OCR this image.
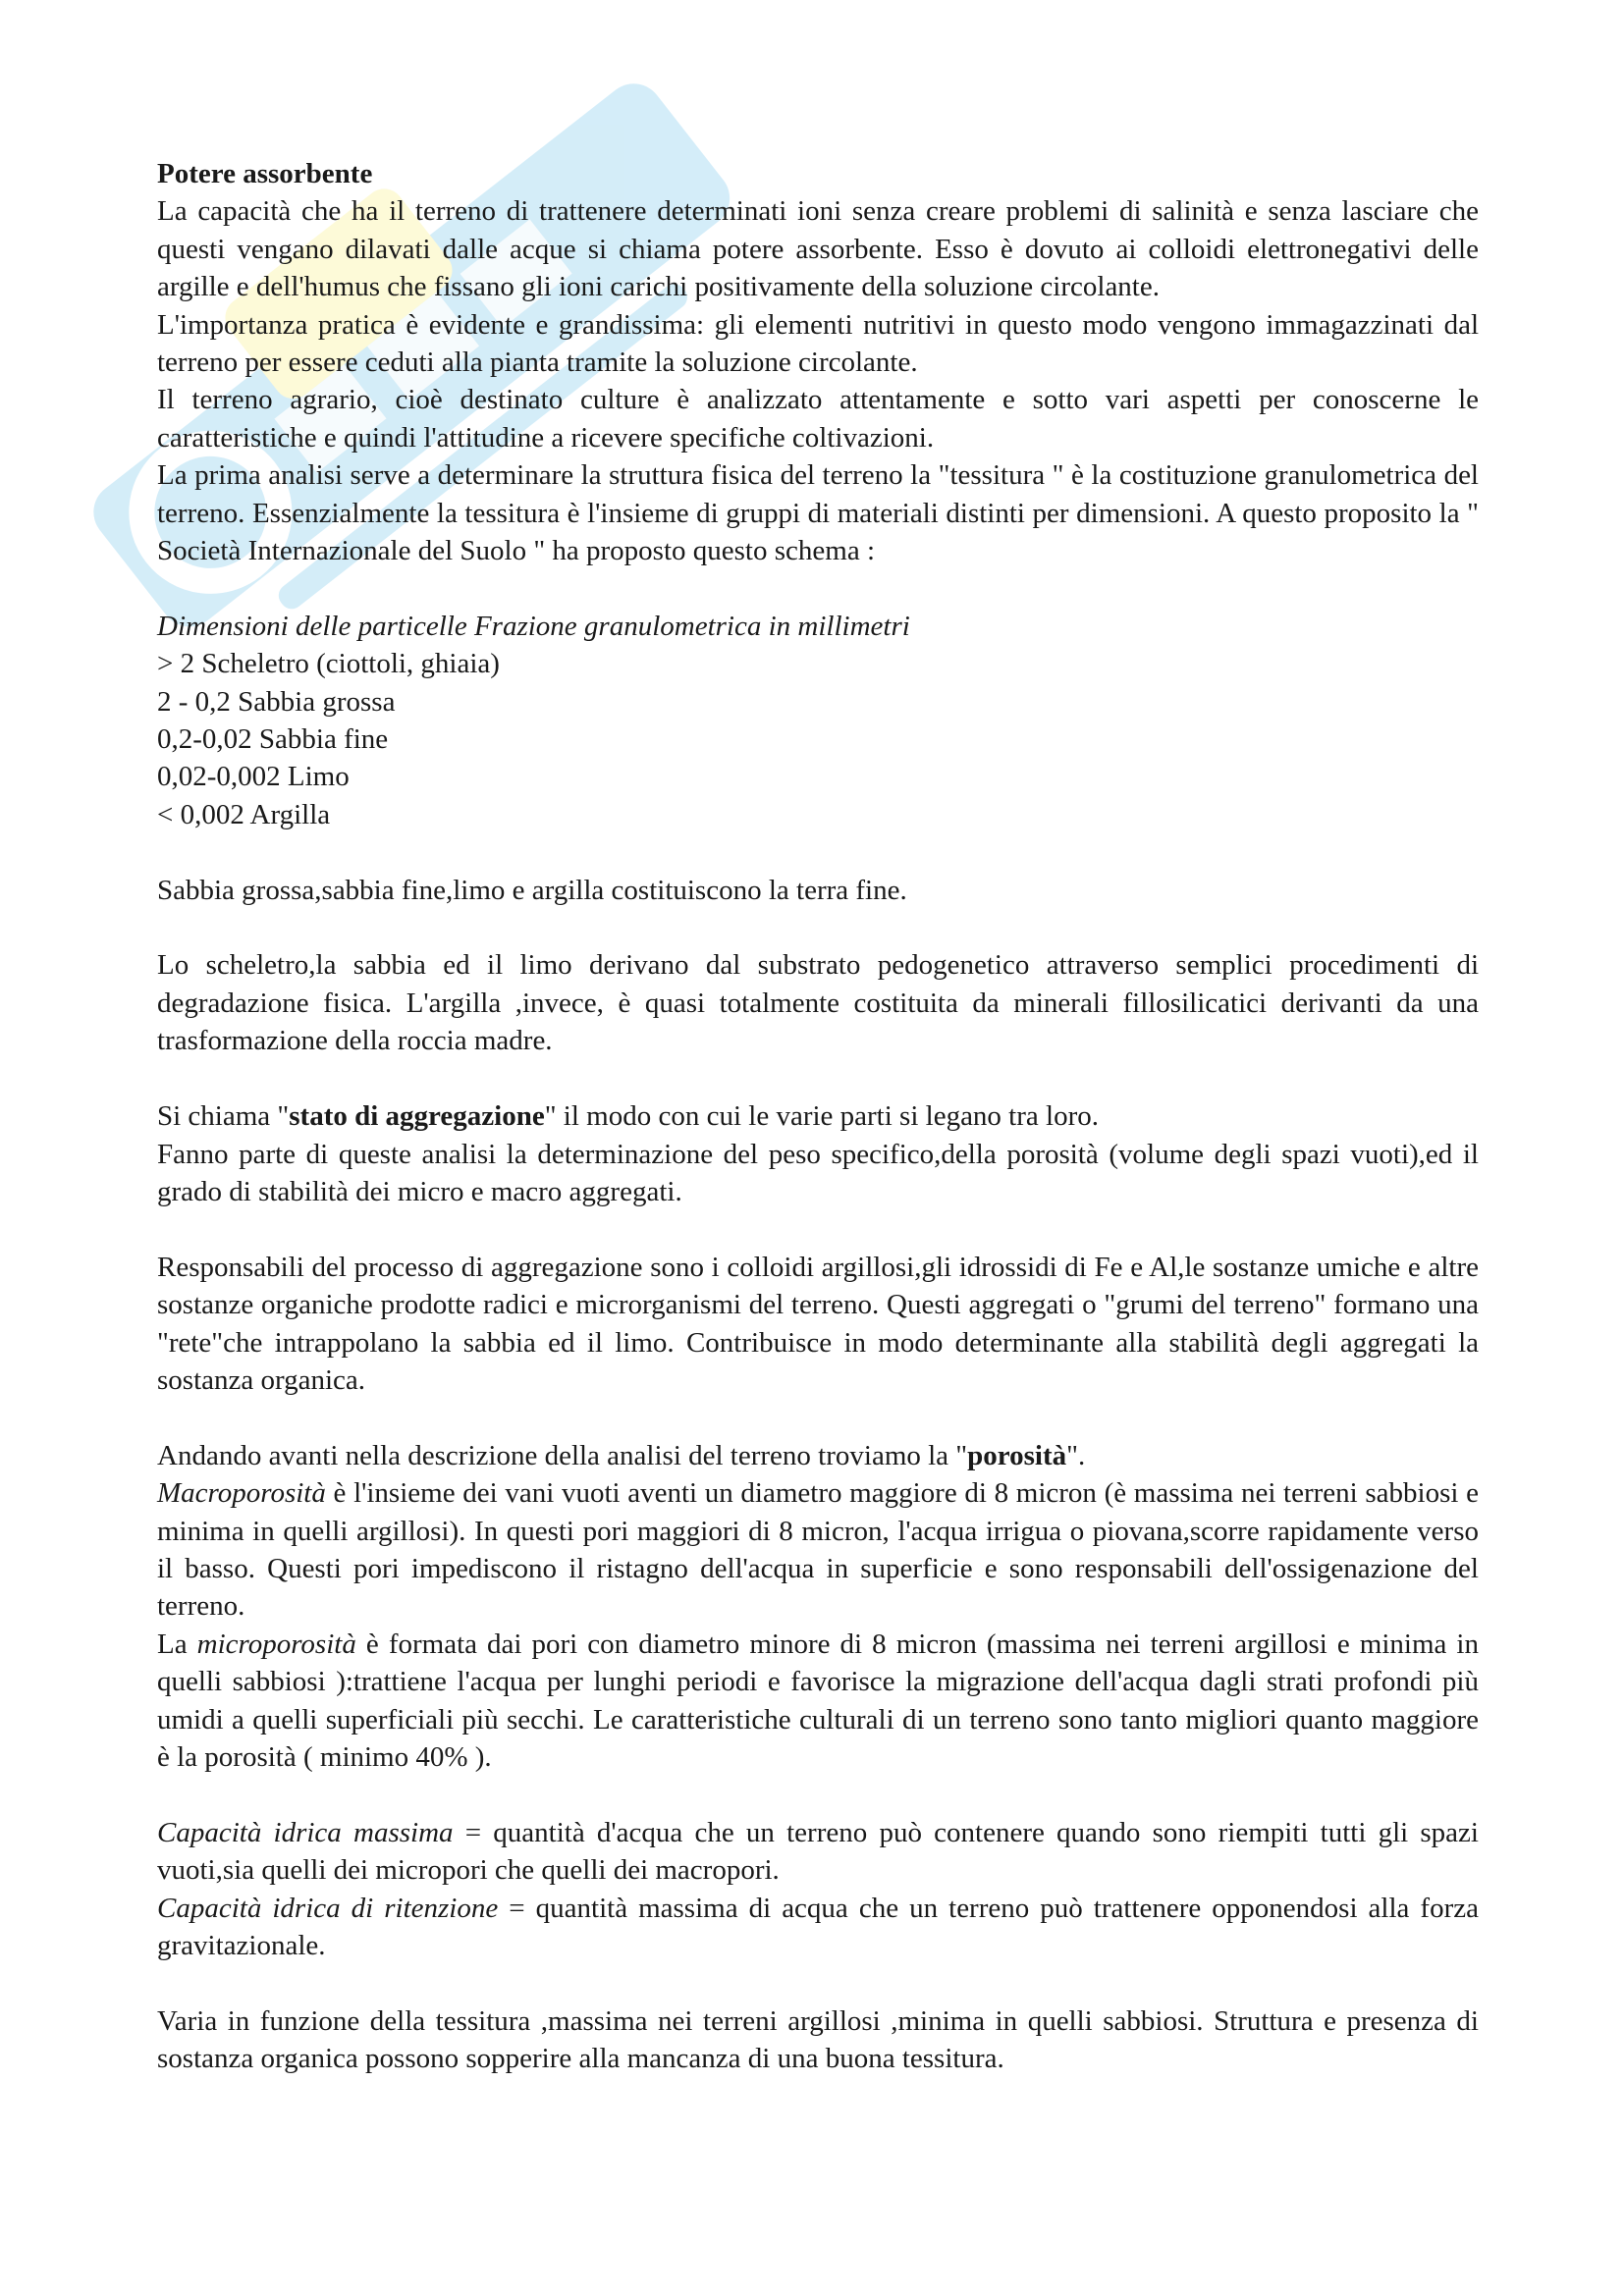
Potere assorbente

La capacità che ha il terreno di trattenere determinati ioni senza creare problemi di salinità e senza lasciare che questi vengano dilavati dalle acque si chiama potere assorbente. Esso è dovuto ai colloidi elettronegativi delle argille e dell'humus che fissano gli ioni carichi positivamente della soluzione circolante.

L'importanza pratica è evidente e grandissima: gli elementi nutritivi in questo modo vengono immagazzinati dal terreno per essere ceduti alla pianta tramite la soluzione circolante.

Il terreno agrario, cioè destinato culture è analizzato attentamente e sotto vari aspetti per conoscerne le caratteristiche e quindi l'attitudine a ricevere specifiche coltivazioni.

La prima analisi serve a determinare la struttura fisica del terreno la "tessitura " è la costituzione granulometrica del terreno. Essenzialmente la tessitura è l'insieme di gruppi di materiali distinti per dimensioni. A questo proposito la " Società Internazionale del Suolo " ha proposto questo schema :

Dimensioni delle particelle Frazione granulometrica in millimetri

> 2 Scheletro (ciottoli, ghiaia)

2 - 0,2 Sabbia grossa

0,2-0,02 Sabbia fine

0,02-0,002 Limo

< 0,002 Argilla

Sabbia grossa,sabbia fine,limo e argilla costituiscono la terra fine.

Lo scheletro,la sabbia ed il limo derivano dal substrato pedogenetico attraverso semplici procedimenti di degradazione fisica. L'argilla ,invece, è quasi totalmente costituita da minerali fillosilicatici derivanti da una trasformazione della roccia madre.

Si chiama "stato di aggregazione" il modo con cui le varie parti si legano tra loro.

Fanno parte di queste analisi la determinazione del peso specifico,della porosità (volume degli spazi vuoti),ed il grado di stabilità dei micro e macro aggregati.

Responsabili del processo di aggregazione sono i colloidi argillosi,gli idrossidi di Fe e Al,le sostanze umiche e altre sostanze organiche prodotte radici e microrganismi del terreno. Questi aggregati o "grumi del terreno" formano una "rete"che intrappolano la sabbia ed il limo. Contribuisce in modo determinante alla stabilità degli aggregati la sostanza organica.

Andando avanti nella descrizione della analisi del terreno troviamo la "porosità".

Macroporosità è l'insieme dei vani vuoti aventi un diametro maggiore di 8 micron (è massima nei terreni sabbiosi e minima in quelli argillosi). In questi pori maggiori di 8 micron, l'acqua irrigua o piovana,scorre rapidamente verso il basso. Questi pori impediscono il ristagno dell'acqua in superficie e sono responsabili dell'ossigenazione del terreno.

La microporosità è formata dai pori con diametro minore di 8 micron (massima nei terreni argillosi e minima in quelli sabbiosi ):trattiene l'acqua per lunghi periodi e favorisce la migrazione dell'acqua dagli strati profondi più umidi a quelli superficiali più secchi. Le caratteristiche culturali di un terreno sono tanto migliori quanto maggiore è la porosità ( minimo 40% ).

Capacità idrica massima = quantità d'acqua che un terreno può contenere quando sono riempiti tutti gli spazi vuoti,sia quelli dei micropori che quelli dei macropori.

Capacità idrica di ritenzione = quantità massima di acqua che un terreno può trattenere opponendosi alla forza gravitazionale.

Varia in funzione della tessitura ,massima nei terreni argillosi ,minima in quelli sabbiosi. Struttura e presenza di sostanza organica possono sopperire alla mancanza di una buona tessitura.
